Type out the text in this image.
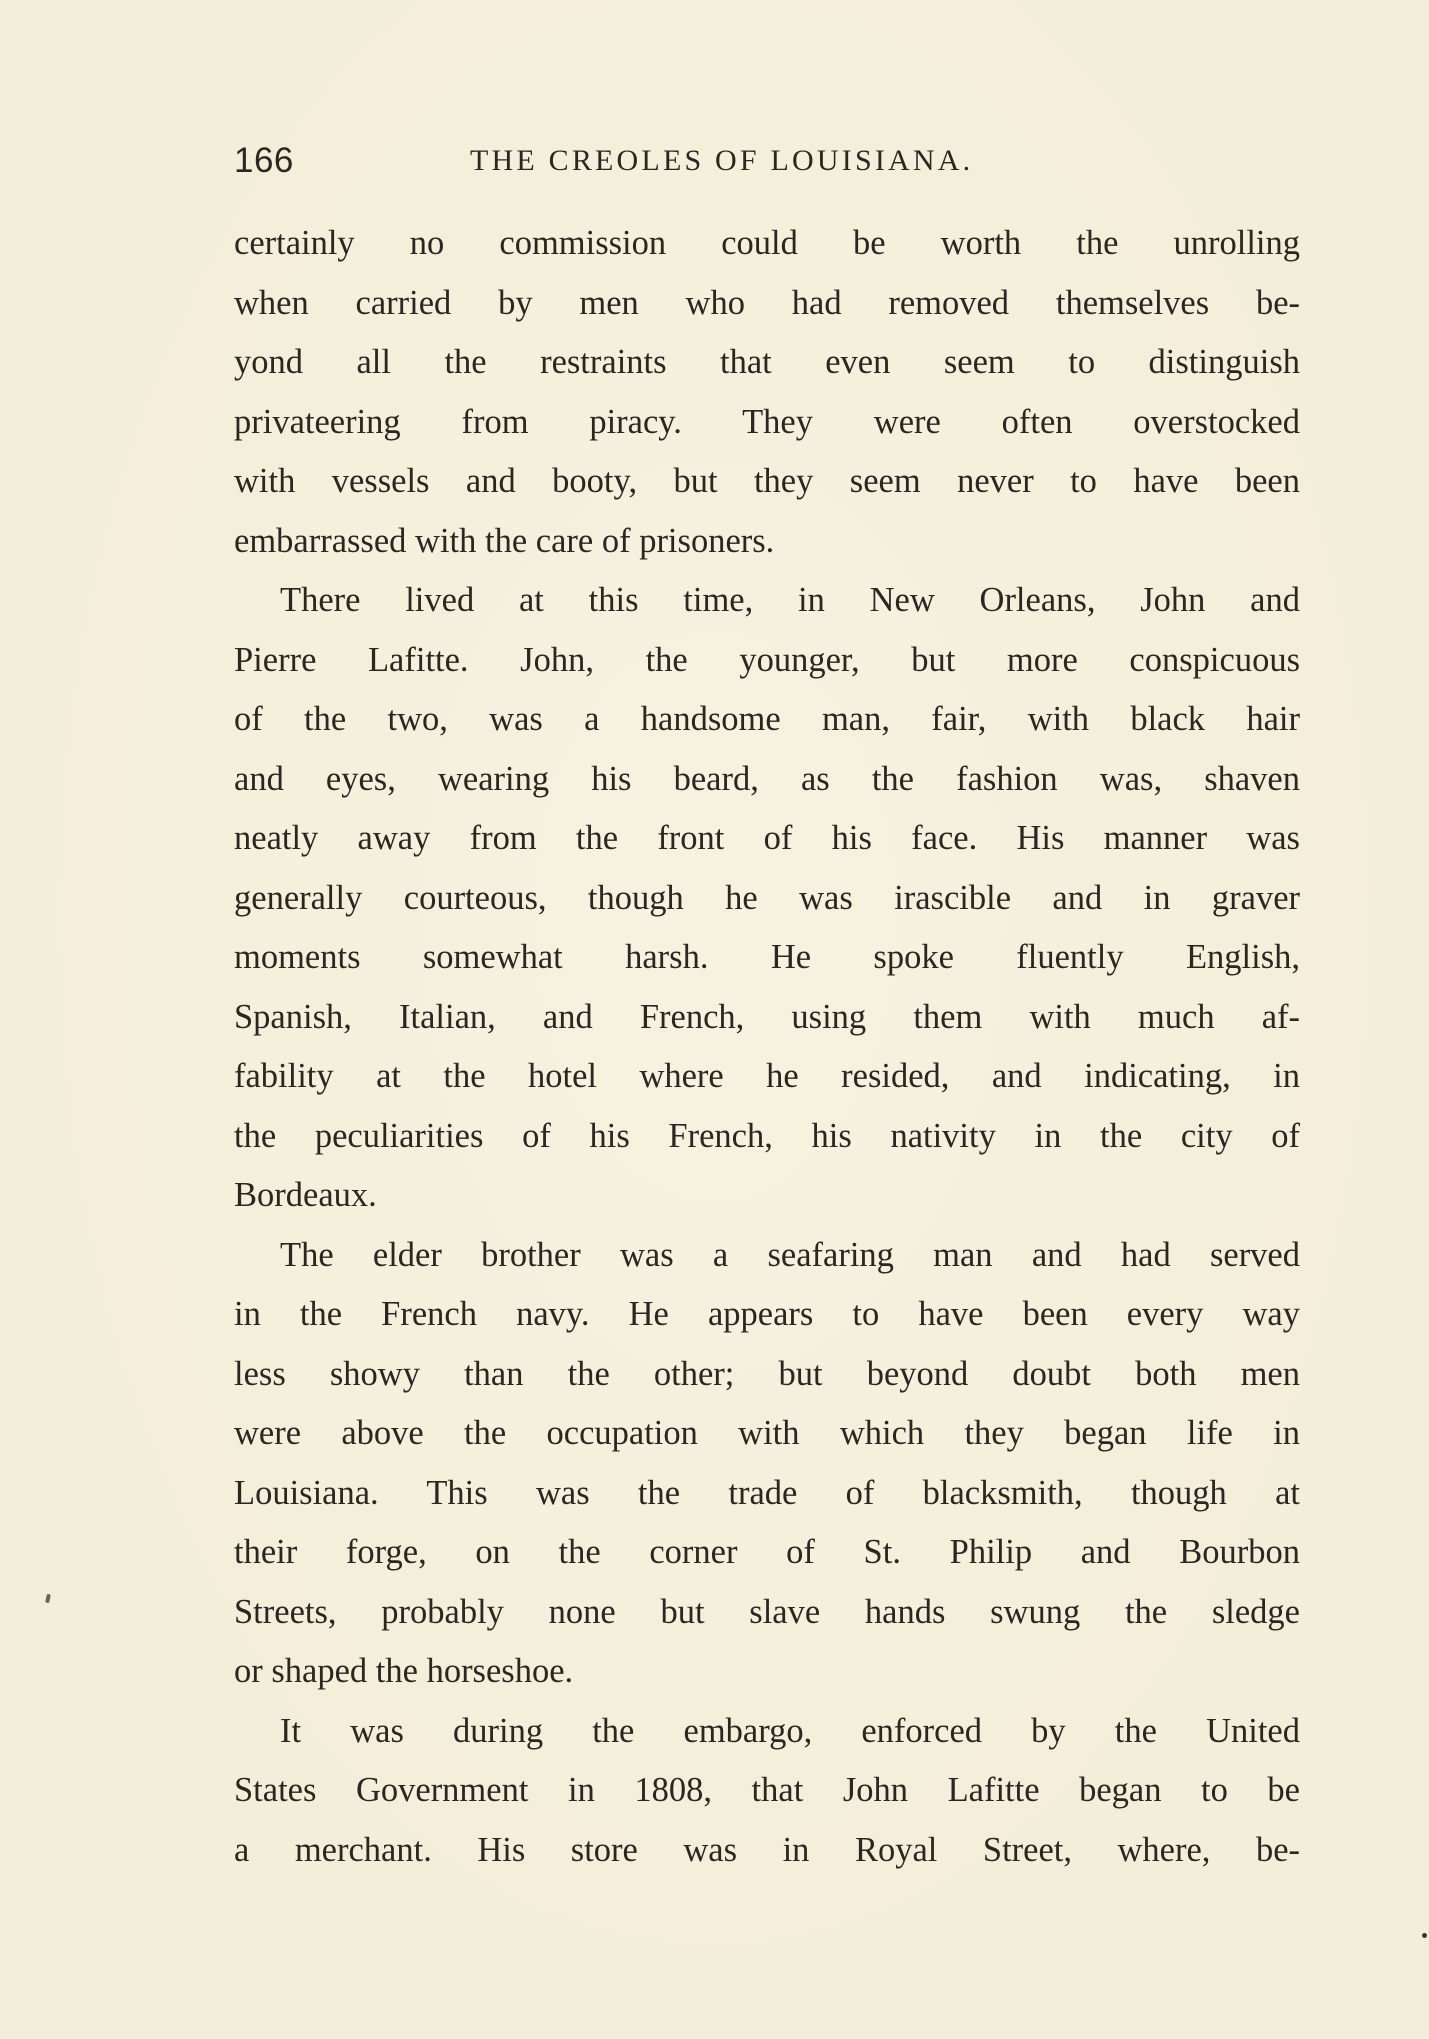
166	THE CREOLES OF LOUISIANA.
certainly no commission could be worth the unrolling
when carried by men who had removed themselves be-
yond all the restraints that even seem to distinguish
privateering from piracy. They were often overstocked
with vessels and booty, but they seem never to have been
embarrassed with the care of prisoners.
There lived at this time, in New Orleans, John and
Pierre Lafitte. John, the younger, but more conspicuous
of the two, was a handsome man, fair, with black hair
and eyes, wearing his beard, as the fashion was, shaven
neatly away from the front of his face. His manner was
generally courteous, though he was irascible and in graver
moments somewhat harsh. He spoke fluently English,
Spanish, Italian, and French, using them with much af-
fability at the hotel where he resided, and indicating, in
the peculiarities of his French, his nativity in the city of
Bordeaux.
The elder brother was a seafaring man and had served
in the French navy. He appears to have been every way
less showy than the other; but beyond doubt both men
were above the occupation with which they began life in
Louisiana. This was the trade of blacksmith, though at
their forge, on the corner of St. Philip and Bourbon
Streets, probably none but slave hands swung the sledge
or shaped the horseshoe.
It was during the embargo, enforced by the United
States Government in 1808, that John Lafitte began to be
a merchant. His store was in Royal Street, where, be-
